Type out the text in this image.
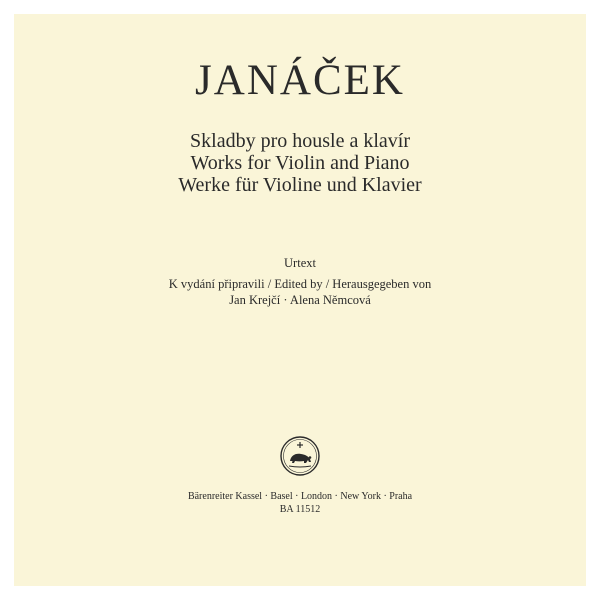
JANÁČEK
Skladby pro housle a klavír
Works for Violin and Piano
Werke für Violine und Klavier
Urtext
K vydání připravili / Edited by / Herausgegeben von
Jan Krejčí · Alena Němcová
Bärenreiter Kassel · Basel · London · New York · Praha
BA 11512
